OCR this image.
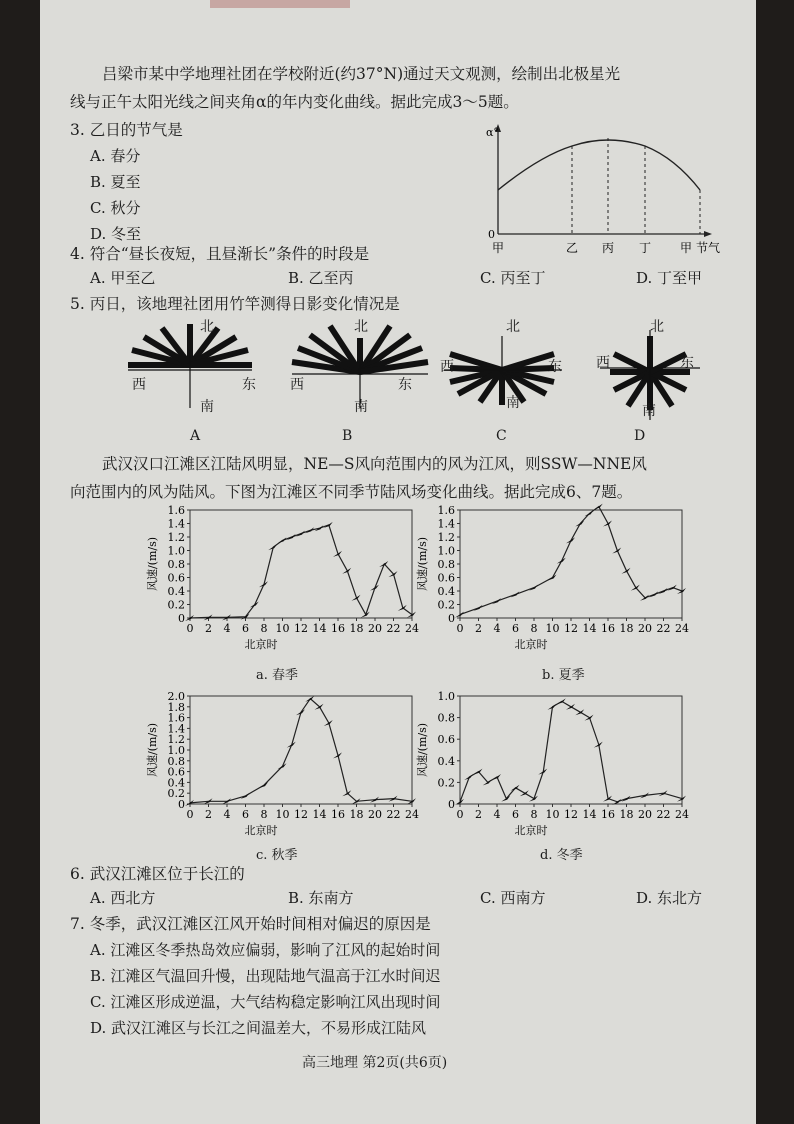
吕梁市某中学地理社团在学校附近(约37°N)通过天文观测，绘制出北极星光
线与正午太阳光线之间夹角α的年内变化曲线。据此完成3～5题。
3. 乙日的节气是
A. 春分
B. 夏至
C. 秋分
D. 冬至
α°
0
甲	乙 丙 丁 甲 节气
4. 符合“昼长夜短，且昼渐长”条件的时段是
A. 甲至乙	B. 乙至丙	C. 丙至丁	D. 丁至甲
5. 丙日，该地理社团用竹竿测得日影变化情况是
北
西	东
南
A
北
西	东
南
B
北
西	东
南
C
北
西	东
南
D
武汉汉口江滩区江陆风明显，NE—S风向范围内的风为江风，则SSW—NNE风
向范围内的风为陆风。下图为江滩区不同季节陆风场变化曲线。据此完成6、7题。
0
0.2
0.4
0.6
0.8
1.0
1.2
1.4
1.6
0 2 4 6 8 10 12 14 16 18 20 22 24
风速/(m/s)
北京时
0
0.2
0.4
0.6
0.8
1.0
1.2
1.4
1.6
0 2 4 6 8 10 12 14 16 18 20 22 24
风速/(m/s)
北京时
0
0.2
0.4
0.6
0.8
1.0
1.2
1.4
1.6
1.8
2.0
0 2 4 6 8 10 12 14 16 18 20 22 24
风速/(m/s)
北京时
0
0.2
0.4
0.6
0.8
1.0
0 2 4 6 8 10 12 14 16 18 20 22 24
风速/(m/s)
北京时
a. 春季	b. 夏季
c. 秋季	d. 冬季
6. 武汉江滩区位于长江的
A. 西北方	B. 东南方	C. 西南方	D. 东北方
7. 冬季，武汉江滩区江风开始时间相对偏迟的原因是
A. 江滩区冬季热岛效应偏弱，影响了江风的起始时间
B. 江滩区气温回升慢，出现陆地气温高于江水时间迟
C. 江滩区形成逆温，大气结构稳定影响江风出现时间
D. 武汉江滩区与长江之间温差大，不易形成江陆风
高三地理 第2页(共6页)
